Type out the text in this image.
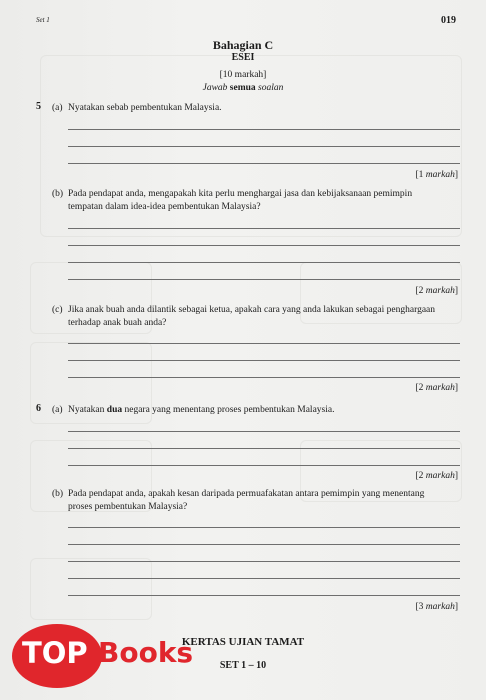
Set 1	019
Bahagian C
ESEI
[10 markah]
Jawab semua soalan
5 (a) Nyatakan sebab pembentukan Malaysia.
[1 markah]
(b) Pada pendapat anda, mengapakah kita perlu menghargai jasa dan kebijaksanaan pemimpin
tempatan dalam idea-idea pembentukan Malaysia?
[2 markah]
(c) Jika anak buah anda dilantik sebagai ketua, apakah cara yang anda lakukan sebagai penghargaan
terhadap anak buah anda?
[2 markah]
6 (a) Nyatakan dua negara yang menentang proses pembentukan Malaysia.
[2 markah]
(b) Pada pendapat anda, apakah kesan daripada permuafakatan antara pemimpin yang menentang
proses pembentukan Malaysia?
[3 markah]
KERTAS UJIAN TAMAT
SET 1 – 10
TOP Books
